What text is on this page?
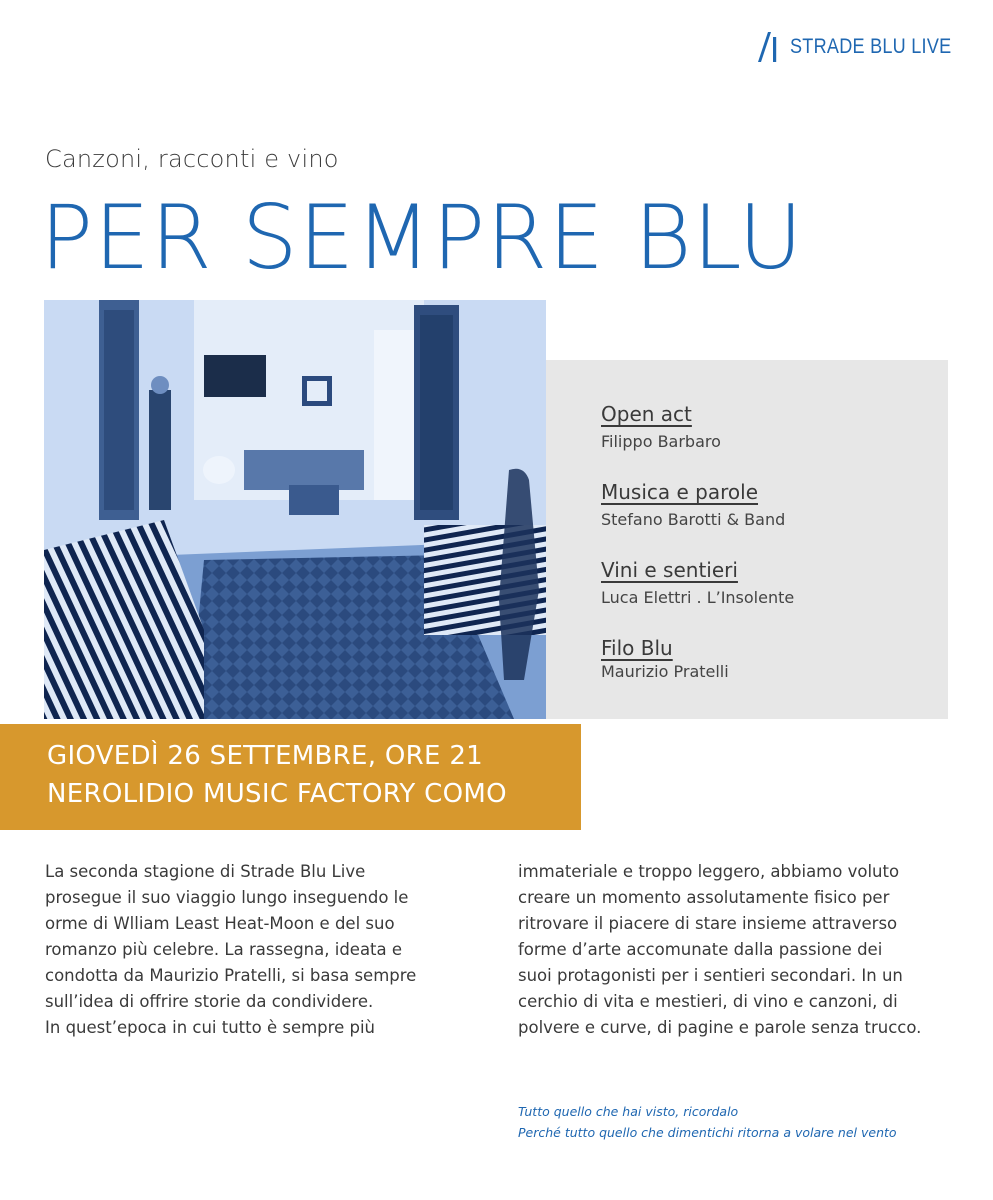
STRADE BLU LIVE
Canzoni, racconti e vino
PER SEMPRE BLU
Open act
Filippo Barbaro
Musica e parole
Stefano Barotti & Band
Vini e sentieri
Luca Elettri . L’Insolente
Filo Blu
Maurizio Pratelli
GIOVEDÌ 26 SETTEMBRE, ORE 21
NEROLIDIO MUSIC FACTORY COMO
La seconda stagione di Strade Blu Live
prosegue il suo viaggio lungo inseguendo le
orme di Wlliam Least Heat-Moon e del suo
romanzo più celebre. La rassegna, ideata e
condotta da Maurizio Pratelli, si basa sempre
sull’idea di offrire storie da condividere.
In quest’epoca in cui tutto è sempre più
immateriale e troppo leggero, abbiamo voluto
creare un momento assolutamente fisico per
ritrovare il piacere di stare insieme attraverso
forme d’arte accomunate dalla passione dei
suoi protagonisti per i sentieri secondari. In un
cerchio di vita e mestieri, di vino e canzoni, di
polvere e curve, di pagine e parole senza trucco.
Tutto quello che hai visto, ricordalo
Perché tutto quello che dimentichi ritorna a volare nel vento
